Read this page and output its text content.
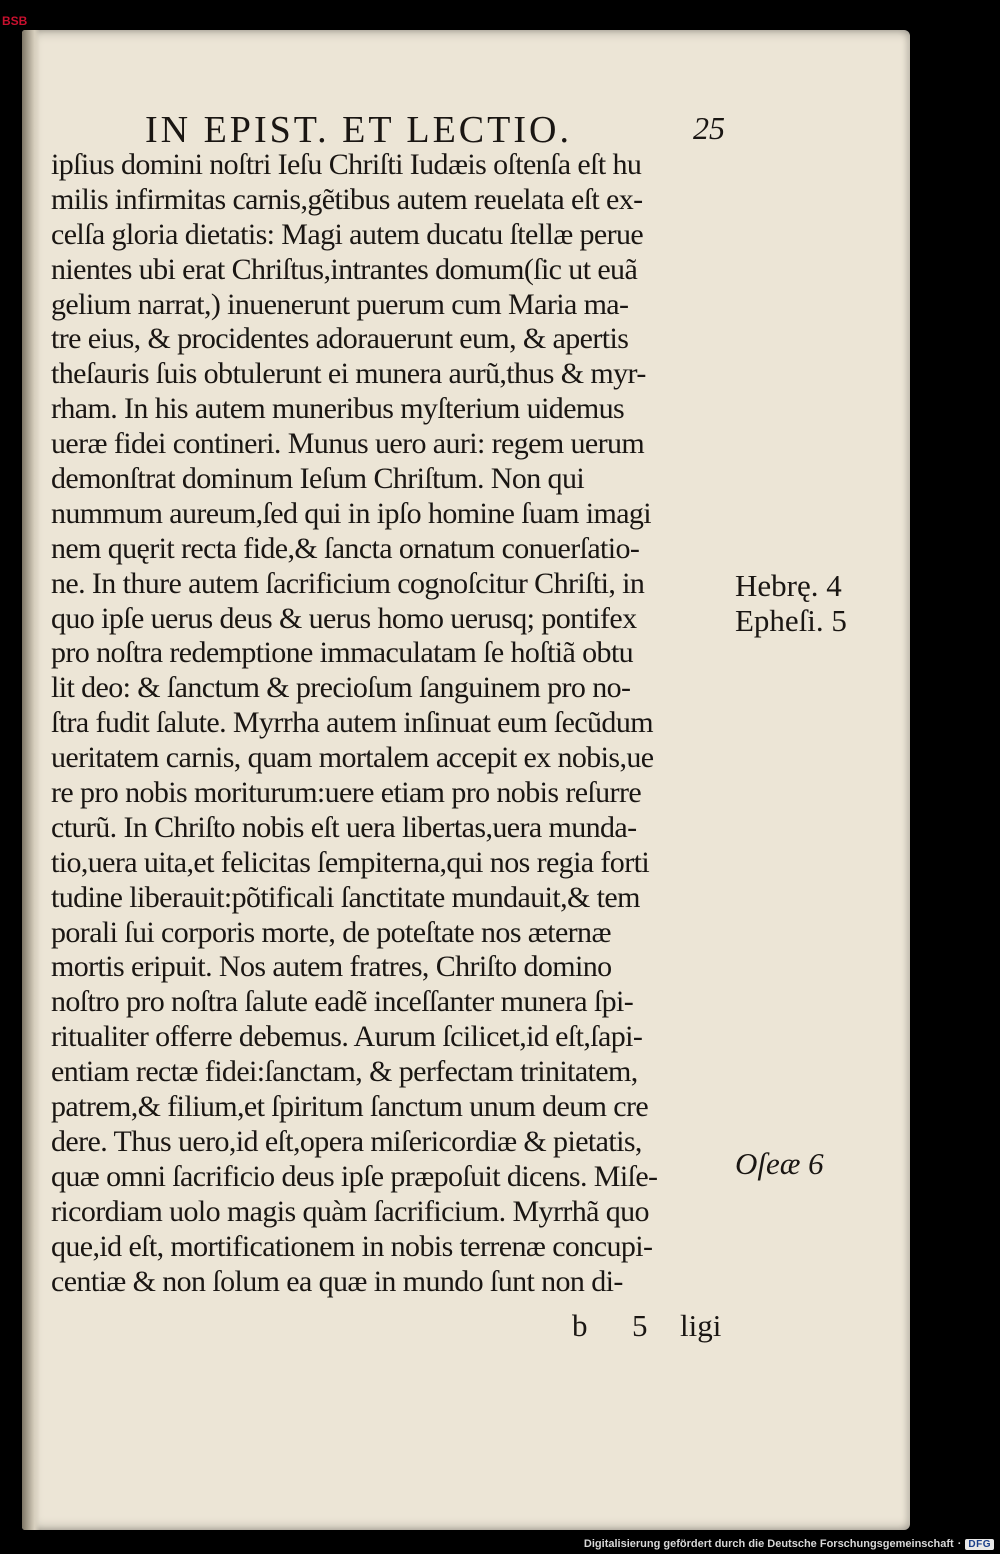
BSB
IN EPIST. ET LECTIO.	25
ipſius domini noſtri Ieſu Chriſti Iudæis oſtenſa eſt hu
milis infirmitas carnis,gẽtibus autem reuelata eſt ex-
celſa gloria dietatis: Magi autem ducatu ſtellæ perue
nientes ubi erat Chriſtus,intrantes domum(ſic ut euã
gelium narrat,) inuenerunt puerum cum Maria ma-
tre eius, & procidentes adorauerunt eum, & apertis
theſauris ſuis obtulerunt ei munera aurũ,thus & myr-
rham. In his autem muneribus myſterium uidemus
ueræ fidei contineri. Munus uero auri: regem uerum
demonſtrat dominum Ieſum Chriſtum. Non qui
nummum aureum,ſed qui in ipſo homine ſuam imagi
nem quęrit recta fide,& ſancta ornatum conuerſatio-
ne. In thure autem ſacrificium cognoſcitur Chriſti, in
quo ipſe uerus deus & uerus homo uerusq; pontifex
pro noſtra redemptione immaculatam ſe hoſtiã obtu
lit deo: & ſanctum & precioſum ſanguinem pro no-
ſtra fudit ſalute. Myrrha autem inſinuat eum ſecũdum
ueritatem carnis, quam mortalem accepit ex nobis,ue
re pro nobis moriturum:uere etiam pro nobis reſurre
cturũ. In Chriſto nobis eſt uera libertas,uera munda-
tio,uera uita,et felicitas ſempiterna,qui nos regia forti
tudine liberauit:põtificali ſanctitate mundauit,& tem
porali ſui corporis morte, de poteſtate nos æternæ
mortis eripuit. Nos autem fratres, Chriſto domino
noſtro pro noſtra ſalute eadẽ inceſſanter munera ſpi-
ritualiter offerre debemus. Aurum ſcilicet,id eſt,ſapi-
entiam rectæ fidei:ſanctam, & perfectam trinitatem,
patrem,& filium,et ſpiritum ſanctum unum deum cre
dere. Thus uero,id eſt,opera miſericordiæ & pietatis,
quæ omni ſacrificio deus ipſe præpoſuit dicens. Miſe-
ricordiam uolo magis quàm ſacrificium. Myrrhã quo
que,id eſt, mortificationem in nobis terrenæ concupi-
centiæ & non ſolum ea quæ in mundo ſunt non di-
Hebrę. 4
Epheſi. 5
Oſeæ 6
b 5 ligi
Digitalisierung gefördert durch die Deutsche Forschungsgemeinschaft · DFG
